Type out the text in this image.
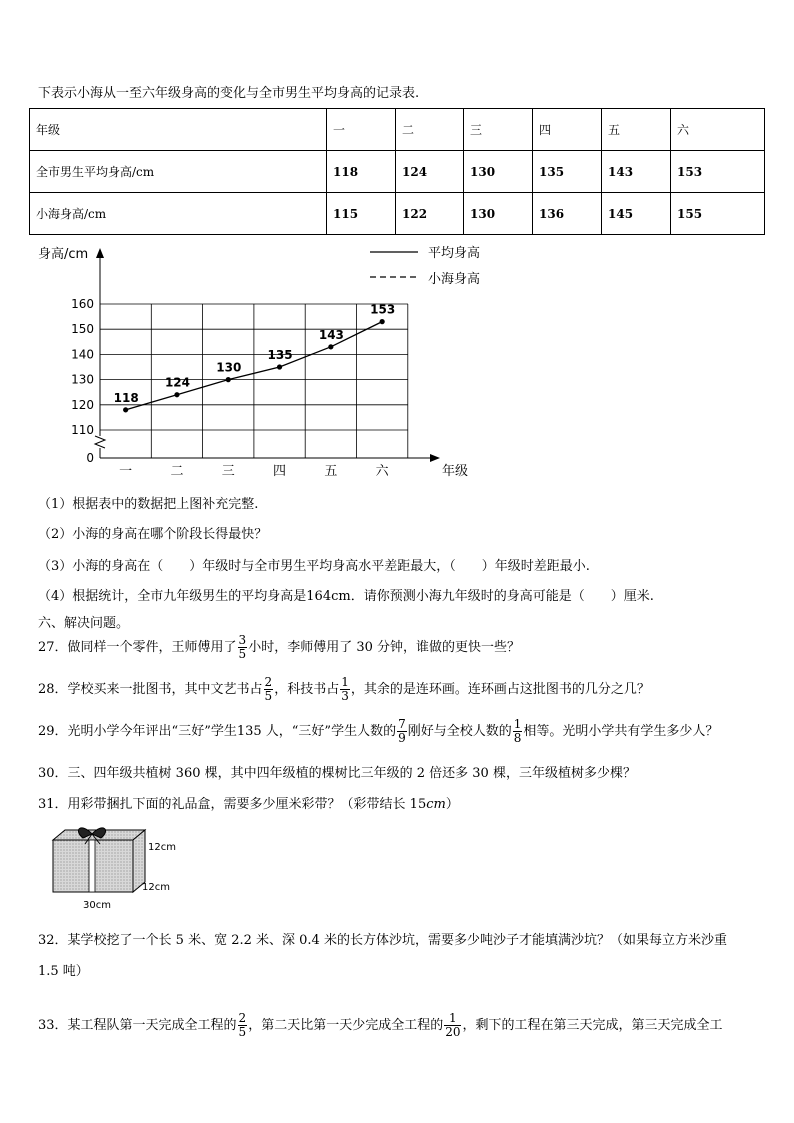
下表示小海从一至六年级身高的变化与全市男生平均身高的记录表.
年级	一	二	三	四	五	六
全市男生平均身高/cm	118	124	130	135	143	153
小海身高/cm	115	122	130	136	145	155
160
150
140
130
120
110
0
一	二	三	四	五	六
118
124
130
135
143
153
身高/cm
年级
平均身高
小海身高
（1）根据表中的数据把上图补充完整.
（2）小海的身高在哪个阶段长得最快？
（3）小海的身高在（　　）年级时与全市男生平均身高水平差距最大，（　　）年级时差距最小.
（4）根据统计，全市九年级男生的平均身高是164cm．请你预测小海九年级时的身高可能是（　　）厘米.
六、解决问题。
27．做同样一个零件，王师傅用了 $\frac{3}{5}$ 小时，李师傅用了 30 分钟，谁做的更快一些？
28．学校买来一批图书，其中文艺书占 $\frac{2}{5}$ ，科技书占 $\frac{1}{3}$ ，其余的是连环画。连环画占这批图书的几分之几？
29．光明小学今年评出“三好”学生135 人，“三好”学生人数的 $\frac{7}{9}$ 刚好与全校人数的 $\frac{1}{8}$ 相等。光明小学共有学生多少人？
30．三、四年级共植树 360 棵，其中四年级植的棵树比三年级的 2 倍还多 30 棵，三年级植树多少棵？
31．用彩带捆扎下面的礼品盒，需要多少厘米彩带？（彩带结长 15cm）
12cm
12cm
30cm
32．某学校挖了一个长 5 米、宽 2.2 米、深 0.4 米的长方体沙坑，需要多少吨沙子才能填满沙坑？（如果每立方米沙重
1.5 吨）
33．某工程队第一天完成全工程的 $\frac{2}{5}$ ，第二天比第一天少完成全工程的 $\frac{1}{20}$ ，剩下的工程在第三天完成，第三天完成全工
